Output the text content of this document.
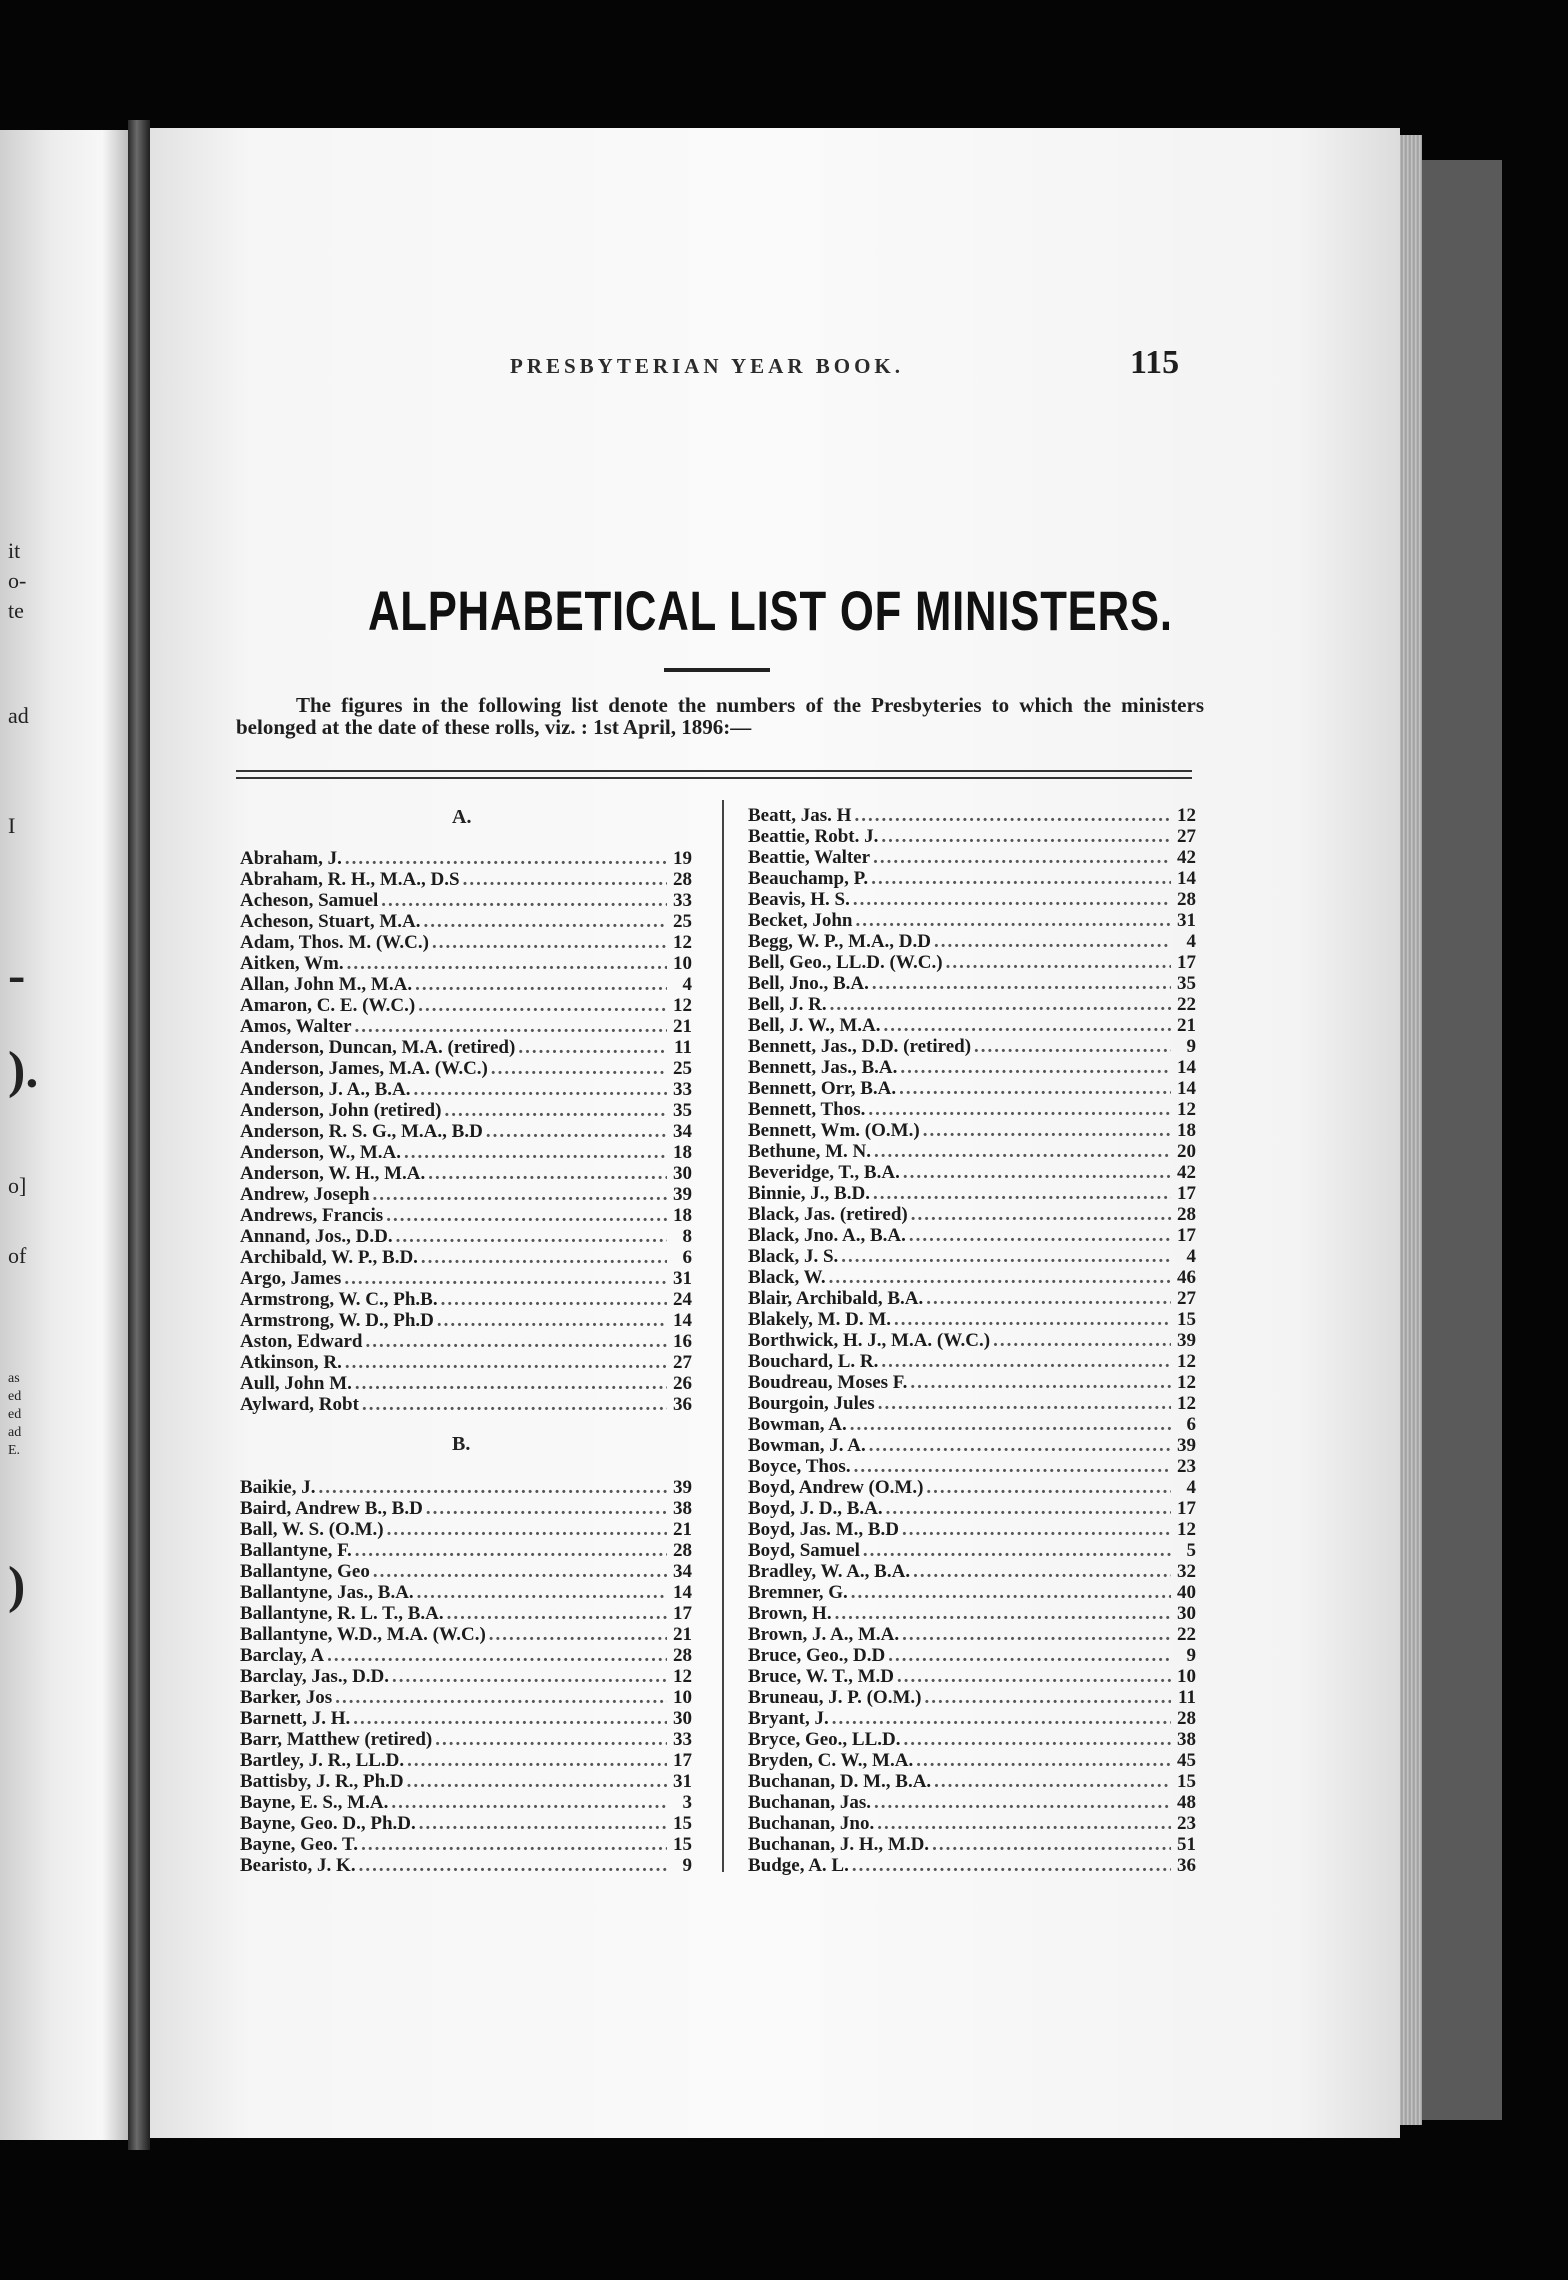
it
o-
te
ad
I
-
).
o]
of
as
ed
ed
ad
E.
)
PRESBYTERIAN YEAR BOOK.	115
ALPHABETICAL LIST OF MINISTERS.
The figures in the following list denote the numbers of the Presbyteries to which the ministers belonged at the date of these rolls, viz. : 1st April, 1896:—
A.
Abraham, J. .....	19
Abraham, R. H., M.A., D.S .....	28
Acheson, Samuel .....	33
Acheson, Stuart, M.A. .....	25
Adam, Thos. M. (W.C.) .....	12
Aitken, Wm. .....	10
Allan, John M., M.A. .....	4
Amaron, C. E. (W.C.) .....	12
Amos, Walter .....	21
Anderson, Duncan, M.A. (retired) .....	11
Anderson, James, M.A. (W.C.) .....	25
Anderson, J. A., B.A. .....	33
Anderson, John (retired) .....	35
Anderson, R. S. G., M.A., B.D .....	34
Anderson, W., M.A. .....	18
Anderson, W. H., M.A. .....	30
Andrew, Joseph .....	39
Andrews, Francis .....	18
Annand, Jos., D.D. .....	8
Archibald, W. P., B.D. .....	6
Argo, James .....	31
Armstrong, W. C., Ph.B. .....	24
Armstrong, W. D., Ph.D .....	14
Aston, Edward .....	16
Atkinson, R. .....	27
Aull, John M. .....	26
Aylward, Robt .....	36
B.
Baikie, J. .....	39
Baird, Andrew B., B.D .....	38
Ball, W. S. (O.M.) .....	21
Ballantyne, F. .....	28
Ballantyne, Geo .....	34
Ballantyne, Jas., B.A. .....	14
Ballantyne, R. L. T., B.A. .....	17
Ballantyne, W.D., M.A. (W.C.) .....	21
Barclay, A .....	28
Barclay, Jas., D.D. .....	12
Barker, Jos .....	10
Barnett, J. H. .....	30
Barr, Matthew (retired) .....	33
Bartley, J. R., LL.D. .....	17
Battisby, J. R., Ph.D .....	31
Bayne, E. S., M.A. .....	3
Bayne, Geo. D., Ph.D. .....	15
Bayne, Geo. T. .....	15
Bearisto, J. K. .....	9
Beatt, Jas. H .....	12
Beattie, Robt. J. .....	27
Beattie, Walter .....	42
Beauchamp, P. .....	14
Beavis, H. S. .....	28
Becket, John .....	31
Begg, W. P., M.A., D.D .....	4
Bell, Geo., LL.D. (W.C.) .....	17
Bell, Jno., B.A. .....	35
Bell, J. R. .....	22
Bell, J. W., M.A. .....	21
Bennett, Jas., D.D. (retired) .....	9
Bennett, Jas., B.A. .....	14
Bennett, Orr, B.A. .....	14
Bennett, Thos. .....	12
Bennett, Wm. (O.M.) .....	18
Bethune, M. N. .....	20
Beveridge, T., B.A. .....	42
Binnie, J., B.D. .....	17
Black, Jas. (retired) .....	28
Black, Jno. A., B.A. .....	17
Black, J. S. .....	4
Black, W. .....	46
Blair, Archibald, B.A. .....	27
Blakely, M. D. M. .....	15
Borthwick, H. J., M.A. (W.C.) .....	39
Bouchard, L. R. .....	12
Boudreau, Moses F. .....	12
Bourgoin, Jules .....	12
Bowman, A. .....	6
Bowman, J. A. .....	39
Boyce, Thos. .....	23
Boyd, Andrew (O.M.) .....	4
Boyd, J. D., B.A. .....	17
Boyd, Jas. M., B.D .....	12
Boyd, Samuel .....	5
Bradley, W. A., B.A. .....	32
Bremner, G. .....	40
Brown, H. .....	30
Brown, J. A., M.A. .....	22
Bruce, Geo., D.D .....	9
Bruce, W. T., M.D .....	10
Bruneau, J. P. (O.M.) .....	11
Bryant, J. .....	28
Bryce, Geo., LL.D. .....	38
Bryden, C. W., M.A. .....	45
Buchanan, D. M., B.A. .....	15
Buchanan, Jas. .....	48
Buchanan, Jno. .....	23
Buchanan, J. H., M.D. .....	51
Budge, A. L. .....	36
